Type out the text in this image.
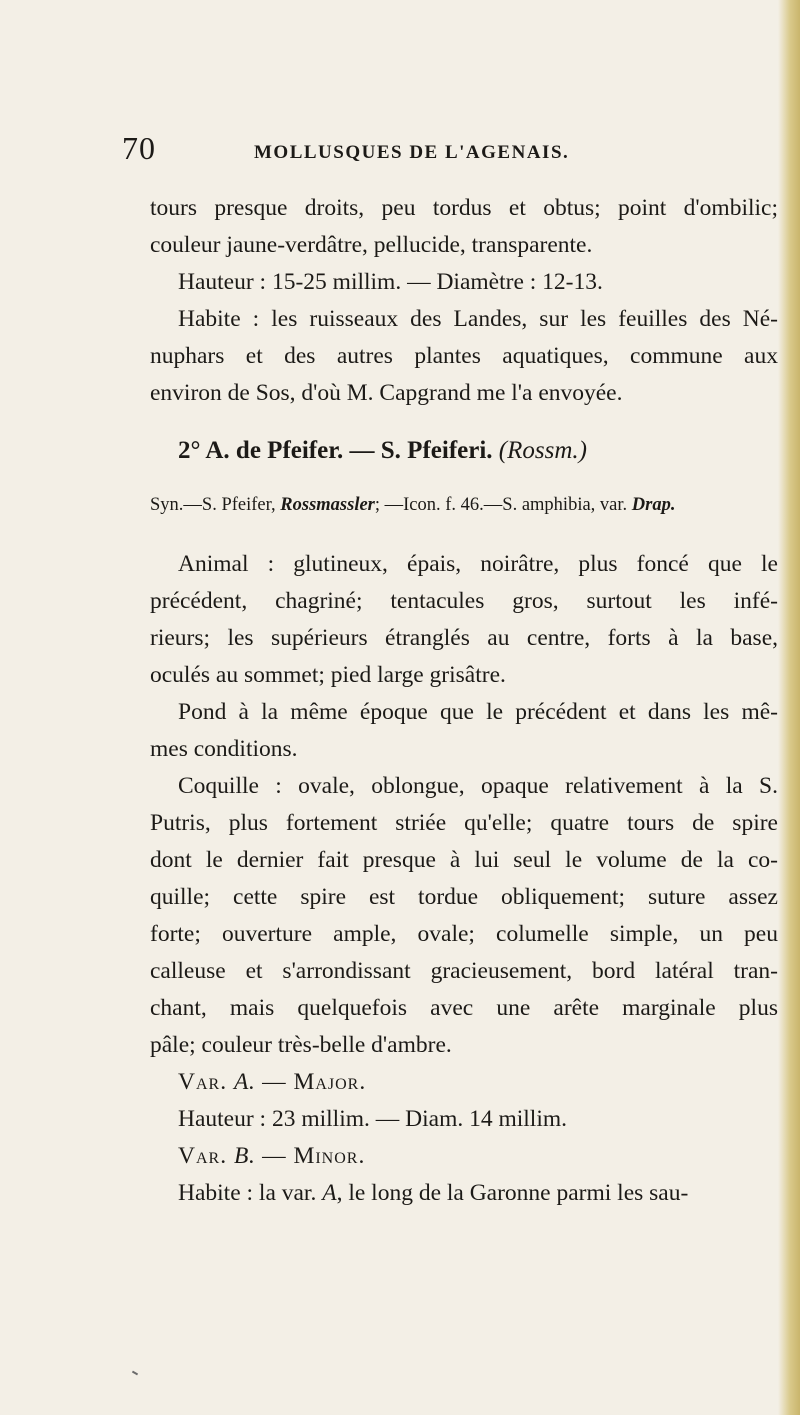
70	MOLLUSQUES DE L'AGENAIS.
tours presque droits, peu tordus et obtus; point d'ombilic;
couleur jaune-verdâtre, pellucide, transparente.
Hauteur : 15-25 millim. — Diamètre : 12-13.
Habite : les ruisseaux des Landes, sur les feuilles des Né-
nuphars et des autres plantes aquatiques, commune aux
environ de Sos, d'où M. Capgrand me l'a envoyée.
2° A. de Pfeifer. — S. Pfeiferi. (Rossm.)
Syn.—S. Pfeifer, Rossmassler; —Icon. f. 46.—S. amphibia, var. Drap.
Animal : glutineux, épais, noirâtre, plus foncé que le
précédent, chagriné; tentacules gros, surtout les infé-
rieurs; les supérieurs étranglés au centre, forts à la base,
oculés au sommet; pied large grisâtre.
Pond à la même époque que le précédent et dans les mê-
mes conditions.
Coquille : ovale, oblongue, opaque relativement à la S.
Putris, plus fortement striée qu'elle; quatre tours de spire
dont le dernier fait presque à lui seul le volume de la co-
quille; cette spire est tordue obliquement; suture assez
forte; ouverture ample, ovale; columelle simple, un peu
calleuse et s'arrondissant gracieusement, bord latéral tran-
chant, mais quelquefois avec une arête marginale plus
pâle; couleur très-belle d'ambre.
Var. A. — Major.
Hauteur : 23 millim. — Diam. 14 millim.
Var. B. — Minor.
Habite : la var. A, le long de la Garonne parmi les sau-
